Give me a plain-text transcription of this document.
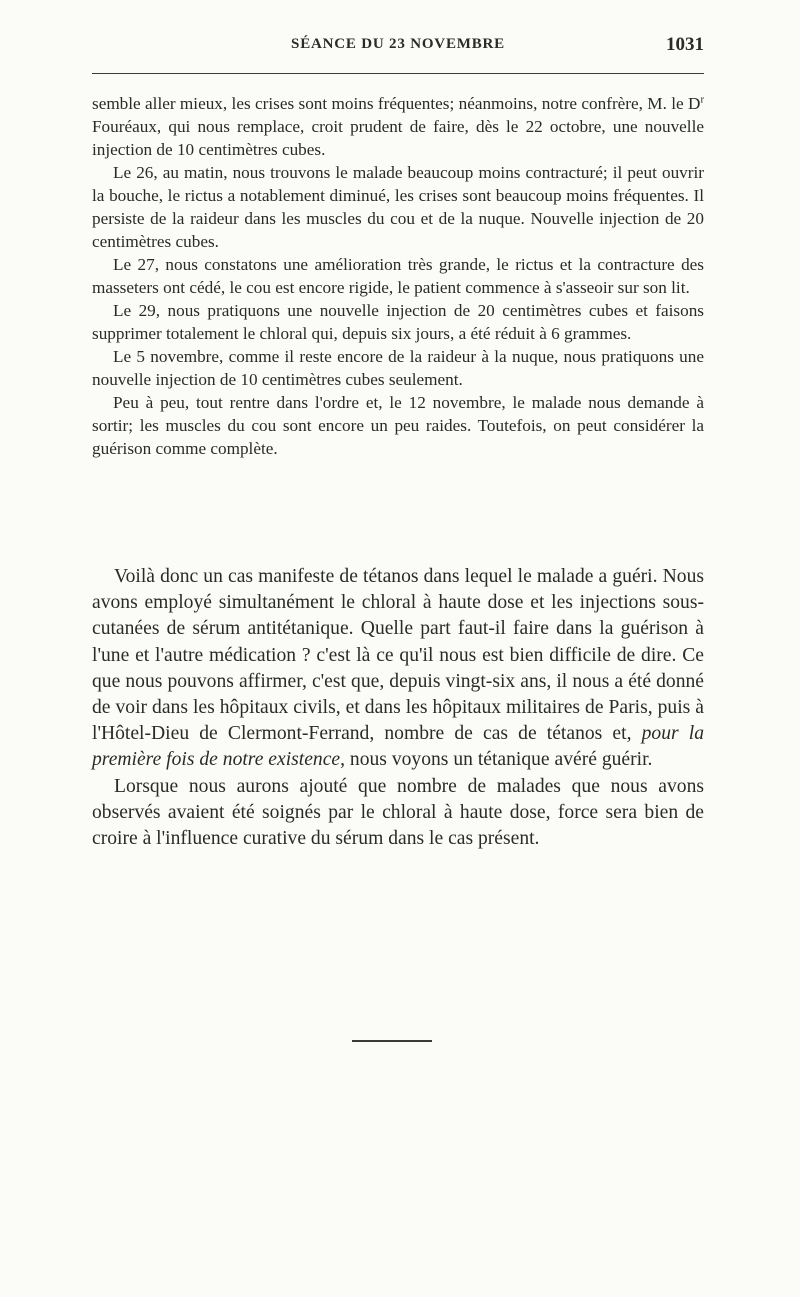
SÉANCE DU 23 NOVEMBRE	1031

semble aller mieux, les crises sont moins fréquentes; néanmoins, notre confrère, M. le $D^r$ Fouréaux, qui nous remplace, croit prudent de faire, dès le 22 octobre, une nouvelle injection de 10 centimètres cubes.

Le 26, au matin, nous trouvons le malade beaucoup moins contracturé; il peut ouvrir la bouche, le rictus a notablement diminué, les crises sont beaucoup moins fréquentes. Il persiste de la raideur dans les muscles du cou et de la nuque. Nouvelle injection de 20 centimètres cubes.

Le 27, nous constatons une amélioration très grande, le rictus et la contracture des masseters ont cédé, le cou est encore rigide, le patient commence à s'asseoir sur son lit.

Le 29, nous pratiquons une nouvelle injection de 20 centimètres cubes et faisons supprimer totalement le chloral qui, depuis six jours, a été réduit à 6 grammes.

Le 5 novembre, comme il reste encore de la raideur à la nuque, nous pratiquons une nouvelle injection de 10 centimètres cubes seulement.

Peu à peu, tout rentre dans l'ordre et, le 12 novembre, le malade nous demande à sortir; les muscles du cou sont encore un peu raides. Toutefois, on peut considérer la guérison comme complète.

Voilà donc un cas manifeste de tétanos dans lequel le malade a guéri. Nous avons employé simultanément le chloral à haute dose et les injections sous-cutanées de sérum antitétanique. Quelle part faut-il faire dans la guérison à l'une et l'autre médication ? c'est là ce qu'il nous est bien difficile de dire. Ce que nous pouvons affirmer, c'est que, depuis vingt-six ans, il nous a été donné de voir dans les hôpitaux civils, et dans les hôpitaux militaires de Paris, puis à l'Hôtel-Dieu de Clermont-Ferrand, nombre de cas de tétanos et, pour la première fois de notre existence, nous voyons un tétanique avéré guérir.

Lorsque nous aurons ajouté que nombre de malades que nous avons observés avaient été soignés par le chloral à haute dose, force sera bien de croire à l'influence curative du sérum dans le cas présent.
